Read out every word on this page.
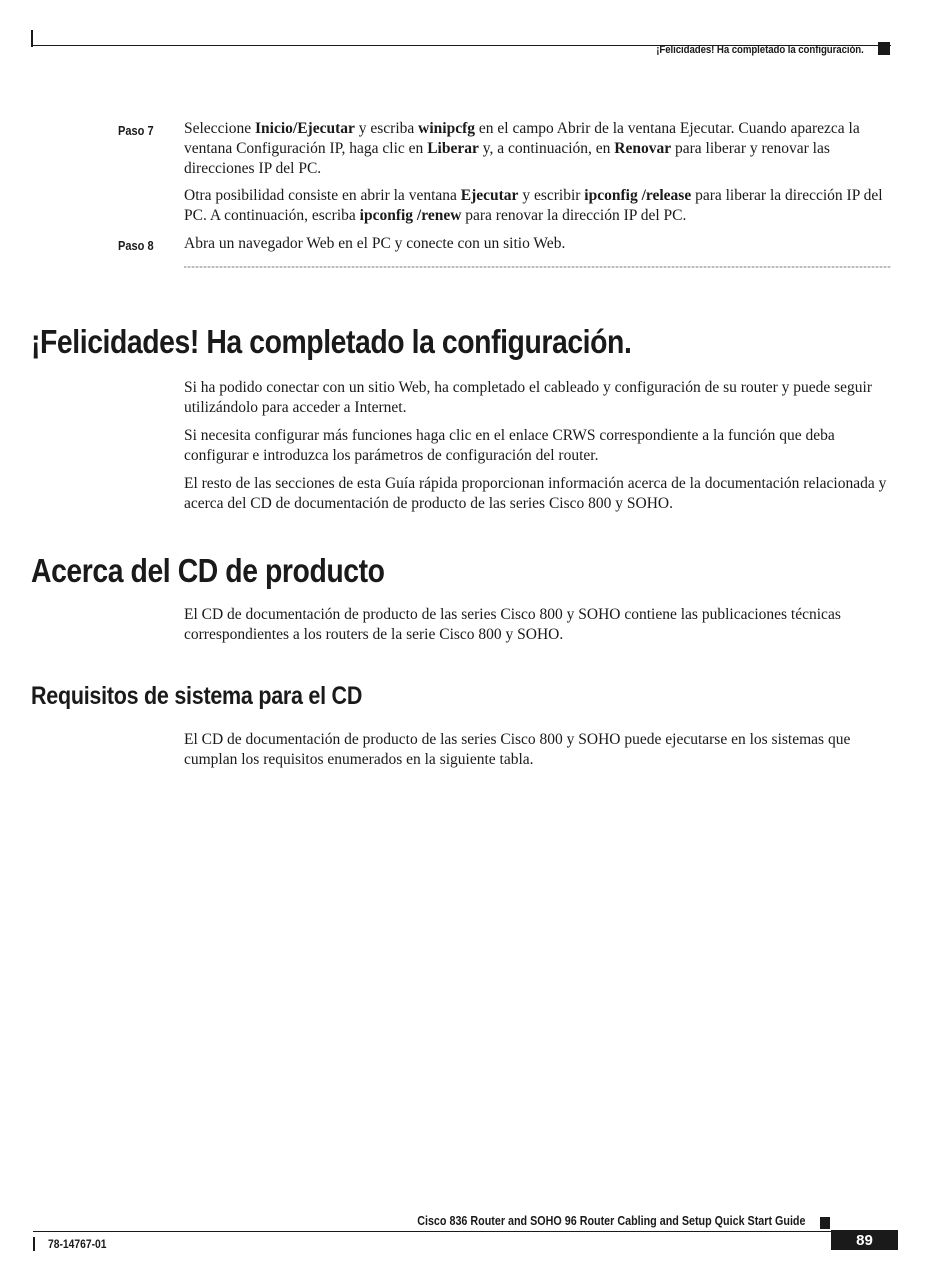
¡Felicidades! Ha completado la configuración.
Paso 7 Seleccione Inicio/Ejecutar y escriba winipcfg en el campo Abrir de la ventana Ejecutar. Cuando aparezca la ventana Configuración IP, haga clic en Liberar y, a continuación, en Renovar para liberar y renovar las direcciones IP del PC.

Otra posibilidad consiste en abrir la ventana Ejecutar y escribir ipconfig /release para liberar la dirección IP del PC. A continuación, escriba ipconfig /renew para renovar la dirección IP del PC.

Paso 8 Abra un navegador Web en el PC y conecte con un sitio Web.

¡Felicidades! Ha completado la configuración.

Si ha podido conectar con un sitio Web, ha completado el cableado y configuración de su router y puede seguir utilizándolo para acceder a Internet.

Si necesita configurar más funciones haga clic en el enlace CRWS correspondiente a la función que deba configurar e introduzca los parámetros de configuración del router.

El resto de las secciones de esta Guía rápida proporcionan información acerca de la documentación relacionada y acerca del CD de documentación de producto de las series Cisco 800 y SOHO.

Acerca del CD de producto

El CD de documentación de producto de las series Cisco 800 y SOHO contiene las publicaciones técnicas correspondientes a los routers de la serie Cisco 800 y SOHO.

Requisitos de sistema para el CD

El CD de documentación de producto de las series Cisco 800 y SOHO puede ejecutarse en los sistemas que cumplan los requisitos enumerados en la siguiente tabla.

Cisco 836 Router and SOHO 96 Router Cabling and Setup Quick Start Guide
78-14767-01	89
